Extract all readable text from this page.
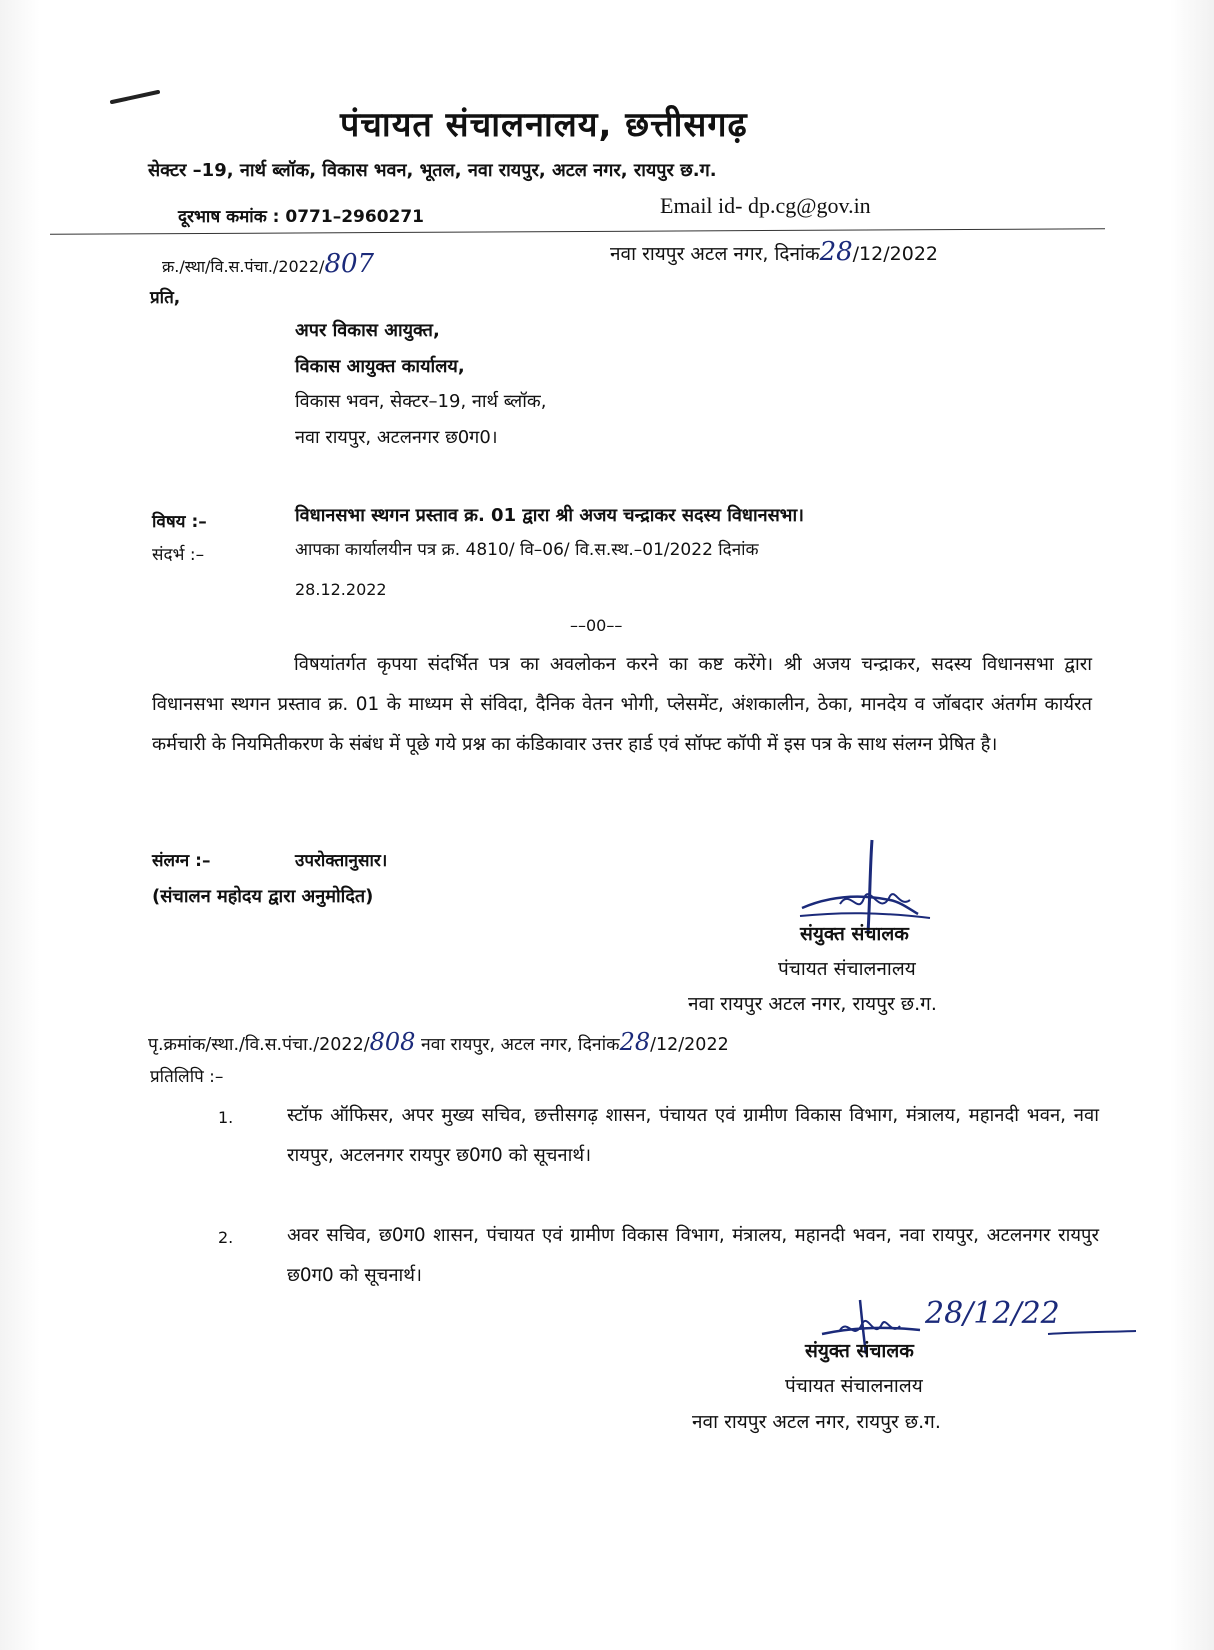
पंचायत संचालनालय, छत्तीसगढ़
सेक्टर –19, नार्थ ब्लॉक, विकास भवन, भूतल, नवा रायपुर, अटल नगर, रायपुर छ.ग.
दूरभाष कमांक : 0771–2960271	Email id- dp.cg@gov.in
क्र./स्था/वि.स.पंचा./2022/807	नवा रायपुर अटल नगर, दिनांक28/12/2022
प्रति,
अपर विकास आयुक्त,
विकास आयुक्त कार्यालय,
विकास भवन, सेक्टर–19, नार्थ ब्लॉक,
नवा रायपुर, अटलनगर छ0ग0।
विषय :–	विधानसभा स्थगन प्रस्ताव क्र. 01 द्वारा श्री अजय चन्द्राकर सदस्य विधानसभा।
संदर्भ :–	आपका कार्यालयीन पत्र क्र. 4810/ वि–06/ वि.स.स्थ.–01/2022 दिनांक
28.12.2022
––00––
विषयांतर्गत कृपया संदर्भित पत्र का अवलोकन करने का कष्ट करेंगे। श्री अजय चन्द्राकर, सदस्य विधानसभा द्वारा विधानसभा स्थगन प्रस्ताव क्र. 01 के माध्यम से संविदा, दैनिक वेतन भोगी, प्लेसमेंट, अंशकालीन, ठेका, मानदेय व जॉबदार अंतर्गम कार्यरत कर्मचारी के नियमितीकरण के संबंध में पूछे गये प्रश्न का कंडिकावार उत्तर हार्ड एवं सॉफ्ट कॉपी में इस पत्र के साथ संलग्न प्रेषित है।
संलग्न :–	उपरोक्तानुसार।
(संचालन महोदय द्वारा अनुमोदित)
संयुक्त संचालक
पंचायत संचालनालय
नवा रायपुर अटल नगर, रायपुर छ.ग.
पृ.क्रमांक/स्था./वि.स.पंचा./2022/808 नवा रायपुर, अटल नगर, दिनांक28/12/2022
प्रतिलिपि :–
1.	स्टॉफ ऑफिसर, अपर मुख्य सचिव, छत्तीसगढ़ शासन, पंचायत एवं ग्रामीण विकास विभाग, मंत्रालय, महानदी भवन, नवा रायपुर, अटलनगर रायपुर छ0ग0 को सूचनार्थ।
2.	अवर सचिव, छ0ग0 शासन, पंचायत एवं ग्रामीण विकास विभाग, मंत्रालय, महानदी भवन, नवा रायपुर, अटलनगर रायपुर छ0ग0 को सूचनार्थ।
28/12/22
संयुक्त संचालक
पंचायत संचालनालय
नवा रायपुर अटल नगर, रायपुर छ.ग.
